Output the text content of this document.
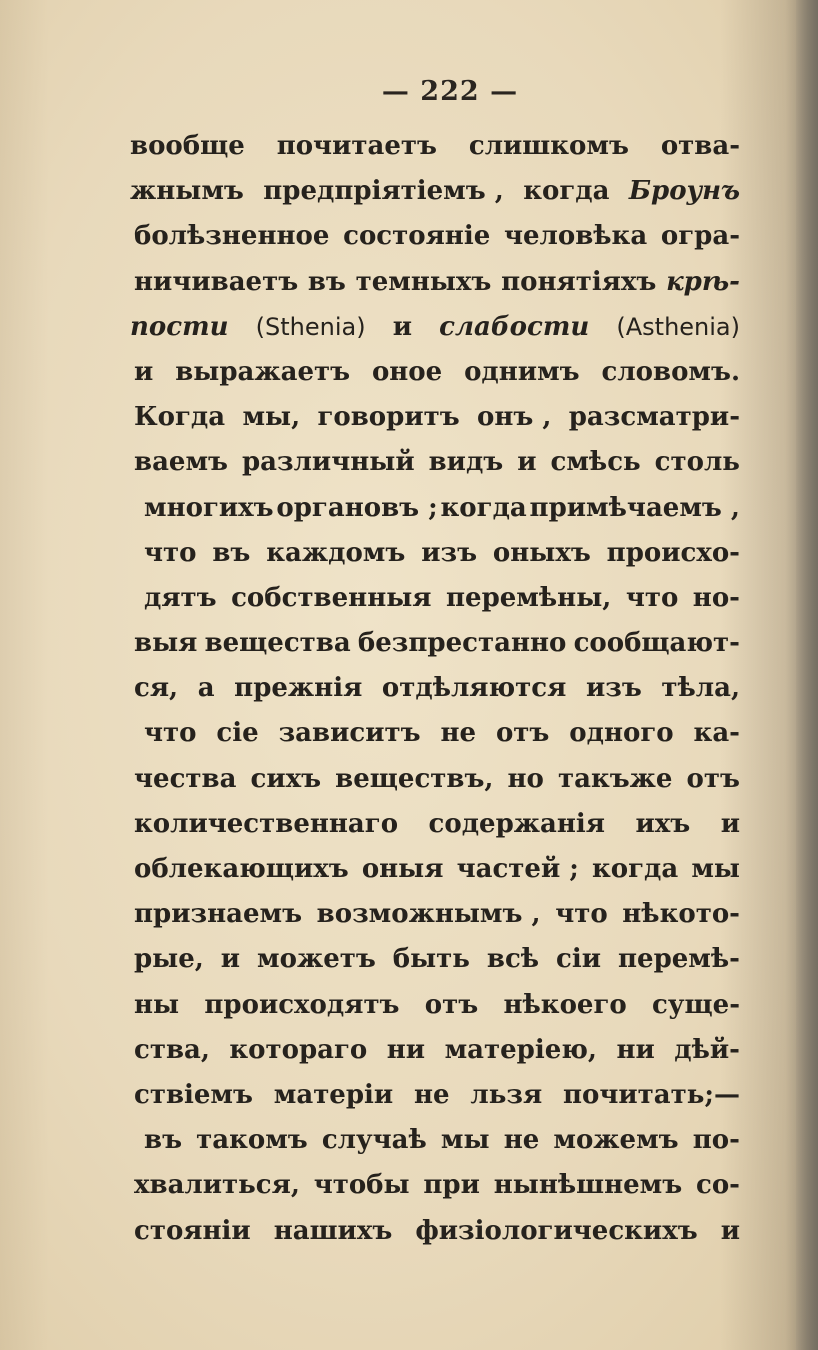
— 222 —
вообще почитаетъ слишкомъ отва-
жнымъ предпріятіемъ , когда Броунъ
болѣзненное состояніе человѣка огра-
ничиваетъ въ темныхъ понятіяхъ крѣ-
пости (Sthenia) и слабости (Asthenia)
и выражаетъ оное однимъ словомъ.
Когда мы, говоритъ онъ , разсматри-
ваемъ различный видъ и смѣсь столь
многихъ органовъ ; когда примѣчаемъ ,
что въ каждомъ изъ оныхъ происхо-
дятъ собственныя перемѣны, что но-
выя вещества безпрестанно сообщают-
ся, а прежнія отдѣляются изъ тѣла,
что сіе зависитъ не отъ одного ка-
чества сихъ веществъ, но такъже отъ
количественнаго содержанія ихъ и
облекающихъ оныя частей ; когда мы
признаемъ возможнымъ , что нѣкото-
рые, и можетъ быть всѣ сіи перемѣ-
ны происходятъ отъ нѣкоего суще-
ства, котораго ни матеріею, ни дѣй-
ствіемъ матеріи не льзя почитать;—
въ такомъ случаѣ мы не можемъ по-
хвалиться, чтобы при нынѣшнемъ со-
стояніи нашихъ физіологическихъ и
